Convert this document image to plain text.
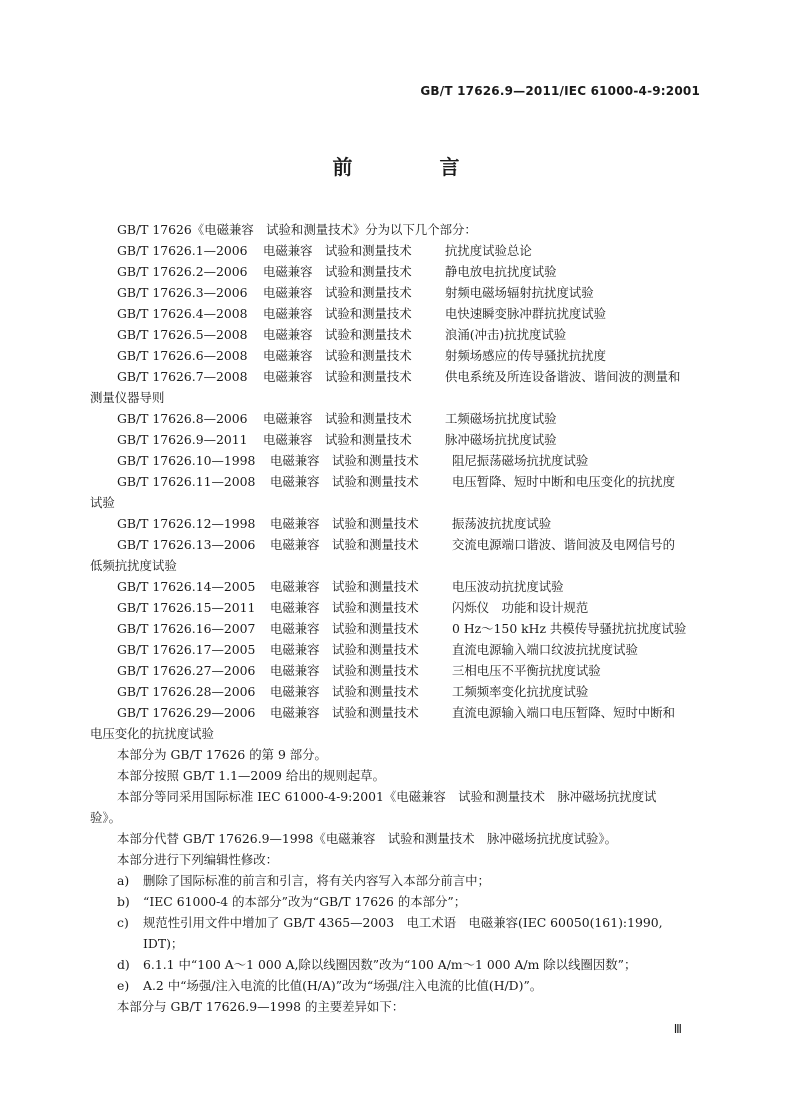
GB/T 17626.9—2011/IEC 61000-4-9:2001
前 言
GB/T 17626《电磁兼容　试验和测量技术》分为以下几个部分：
GB/T 17626.1—2006	电磁兼容　试验和测量技术	抗扰度试验总论
GB/T 17626.2—2006	电磁兼容　试验和测量技术	静电放电抗扰度试验
GB/T 17626.3—2006	电磁兼容　试验和测量技术	射频电磁场辐射抗扰度试验
GB/T 17626.4—2008	电磁兼容　试验和测量技术	电快速瞬变脉冲群抗扰度试验
GB/T 17626.5—2008	电磁兼容　试验和测量技术	浪涌(冲击)抗扰度试验
GB/T 17626.6—2008	电磁兼容　试验和测量技术	射频场感应的传导骚扰抗扰度
GB/T 17626.7—2008	电磁兼容　试验和测量技术	供电系统及所连设备谐波、谐间波的测量和
测量仪器导则
GB/T 17626.8—2006	电磁兼容　试验和测量技术	工频磁场抗扰度试验
GB/T 17626.9—2011	电磁兼容　试验和测量技术	脉冲磁场抗扰度试验
GB/T 17626.10—1998	电磁兼容　试验和测量技术	阻尼振荡磁场抗扰度试验
GB/T 17626.11—2008	电磁兼容　试验和测量技术	电压暂降、短时中断和电压变化的抗扰度
试验
GB/T 17626.12—1998	电磁兼容　试验和测量技术	振荡波抗扰度试验
GB/T 17626.13—2006	电磁兼容　试验和测量技术	交流电源端口谐波、谐间波及电网信号的
低频抗扰度试验
GB/T 17626.14—2005	电磁兼容　试验和测量技术	电压波动抗扰度试验
GB/T 17626.15—2011	电磁兼容　试验和测量技术	闪烁仪　功能和设计规范
GB/T 17626.16—2007	电磁兼容　试验和测量技术	0 Hz～150 kHz 共模传导骚扰抗扰度试验
GB/T 17626.17—2005	电磁兼容　试验和测量技术	直流电源输入端口纹波抗扰度试验
GB/T 17626.27—2006	电磁兼容　试验和测量技术	三相电压不平衡抗扰度试验
GB/T 17626.28—2006	电磁兼容　试验和测量技术	工频频率变化抗扰度试验
GB/T 17626.29—2006	电磁兼容　试验和测量技术	直流电源输入端口电压暂降、短时中断和
电压变化的抗扰度试验
本部分为 GB/T 17626 的第 9 部分。
本部分按照 GB/T 1.1—2009 给出的规则起草。
本部分等同采用国际标准 IEC 61000-4-9:2001《电磁兼容　试验和测量技术　脉冲磁场抗扰度试
验》。
本部分代替 GB/T 17626.9—1998《电磁兼容　试验和测量技术　脉冲磁场抗扰度试验》。
本部分进行下列编辑性修改：
a) 删除了国际标准的前言和引言，将有关内容写入本部分前言中；
b) “IEC 61000-4 的本部分”改为“GB/T 17626 的本部分”；
c) 规范性引用文件中增加了 GB/T 4365—2003　电工术语　电磁兼容(IEC 60050(161):1990,
IDT)；
d) 6.1.1 中“100 A～1 000 A,除以线圈因数”改为“100 A/m～1 000 A/m 除以线圈因数”；
e) A.2 中“场强/注入电流的比值(H/A)”改为“场强/注入电流的比值(H/D)”。
本部分与 GB/T 17626.9—1998 的主要差异如下：
Ⅲ
